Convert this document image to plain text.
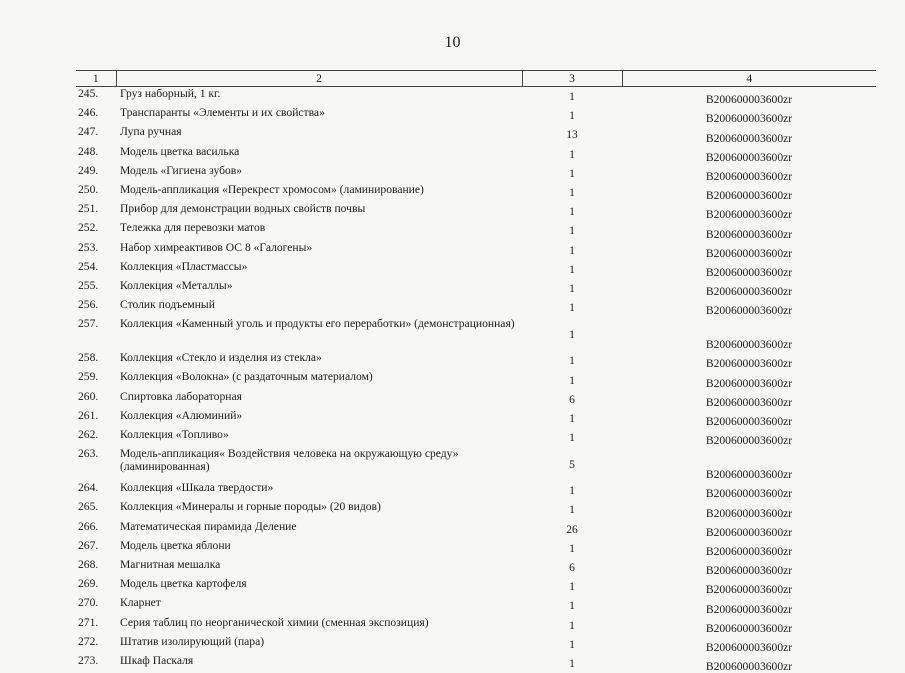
10
1	2	3	4
245.	Груз наборный, 1 кг.	1	B200600003600zr
246.	Транспаранты «Элементы и их свойства»	1	B200600003600zr
247.	Лупа ручная	13	B200600003600zr
248.	Модель цветка василька	1	B200600003600zr
249.	Модель «Гигиена зубов»	1	B200600003600zr
250.	Модель-аппликация «Перекрест хромосом» (ламинирование)	1	B200600003600zr
251.	Прибор для демонстрации водных свойств почвы	1	B200600003600zr
252.	Тележка для перевозки матов	1	B200600003600zr
253.	Набор химреактивов ОС 8 «Галогены»	1	B200600003600zr
254.	Коллекция «Пластмассы»	1	B200600003600zr
255.	Коллекция «Металлы»	1	B200600003600zr
256.	Столик подъемный	1	B200600003600zr
257.	Коллекция «Каменный уголь и продукты его переработки» (демонстрационная)	1	B200600003600zr
258.	Коллекция «Стекло и изделия из стекла»	1	B200600003600zr
259.	Коллекция «Волокна» (с раздаточным материалом)	1	B200600003600zr
260.	Спиртовка лабораторная	6	B200600003600zr
261.	Коллекция «Алюминий»	1	B200600003600zr
262.	Коллекция «Топливо»	1	B200600003600zr
263.	Модель-аппликация« Воздействия человека на окружающую среду» (ламинированная)	5	B200600003600zr
264.	Коллекция «Шкала твердости»	1	B200600003600zr
265.	Коллекция «Минералы и горные породы» (20 видов)	1	B200600003600zr
266.	Математическая пирамида Деление	26	B200600003600zr
267.	Модель цветка яблони	1	B200600003600zr
268.	Магнитная мешалка	6	B200600003600zr
269.	Модель цветка картофеля	1	B200600003600zr
270.	Кларнет	1	B200600003600zr
271.	Серия таблиц по неорганической химии (сменная экспозиция)	1	B200600003600zr
272.	Штатив изолирующий (пара)	1	B200600003600zr
273.	Шкаф Паскаля	1	B200600003600zr
